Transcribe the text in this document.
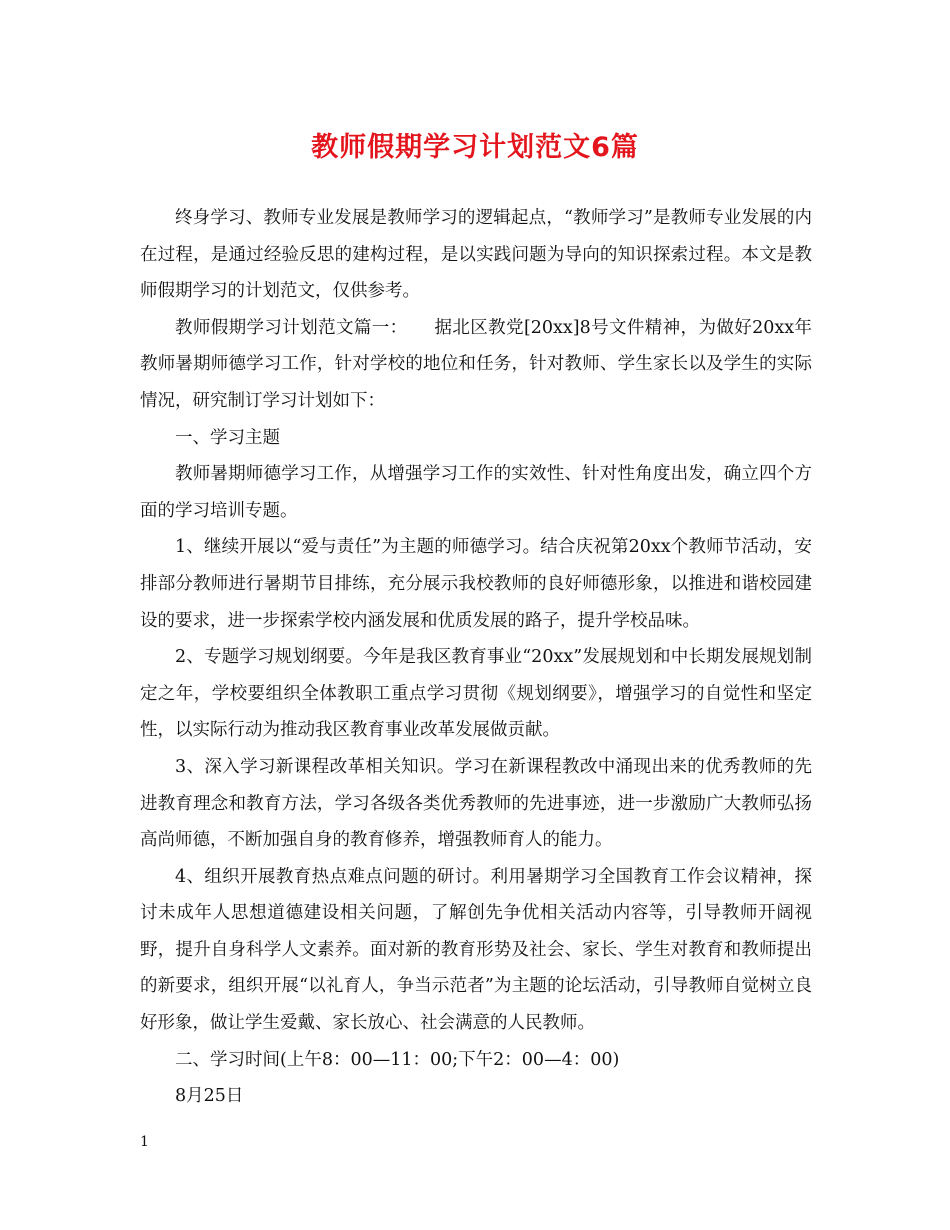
教师假期学习计划范文6篇

终身学习、教师专业发展是教师学习的逻辑起点，“教师学习”是教师专业发展的内在过程，是通过经验反思的建构过程，是以实践问题为导向的知识探索过程。本文是教师假期学习的计划范文，仅供参考。

教师假期学习计划范文篇一：　　据北区教党[20xx]8号文件精神，为做好20xx年教师暑期师德学习工作，针对学校的地位和任务，针对教师、学生家长以及学生的实际情况，研究制订学习计划如下：

一、学习主题

教师暑期师德学习工作，从增强学习工作的实效性、针对性角度出发，确立四个方面的学习培训专题。

1、继续开展以“爱与责任”为主题的师德学习。结合庆祝第20xx个教师节活动，安排部分教师进行暑期节目排练，充分展示我校教师的良好师德形象，以推进和谐校园建设的要求，进一步探索学校内涵发展和优质发展的路子，提升学校品味。

2、专题学习规划纲要。今年是我区教育事业“20xx”发展规划和中长期发展规划制定之年，学校要组织全体教职工重点学习贯彻《规划纲要》，增强学习的自觉性和坚定性，以实际行动为推动我区教育事业改革发展做贡献。

3、深入学习新课程改革相关知识。学习在新课程教改中涌现出来的优秀教师的先进教育理念和教育方法，学习各级各类优秀教师的先进事迹，进一步激励广大教师弘扬高尚师德，不断加强自身的教育修养，增强教师育人的能力。

4、组织开展教育热点难点问题的研讨。利用暑期学习全国教育工作会议精神，探讨未成年人思想道德建设相关问题，了解创先争优相关活动内容等，引导教师开阔视野，提升自身科学人文素养。面对新的教育形势及社会、家长、学生对教育和教师提出的新要求，组织开展“以礼育人，争当示范者”为主题的论坛活动，引导教师自觉树立良好形象，做让学生爱戴、家长放心、社会满意的人民教师。

二、学习时间(上午8：00—11：00;下午2：00—4：00)

8月25日

1
